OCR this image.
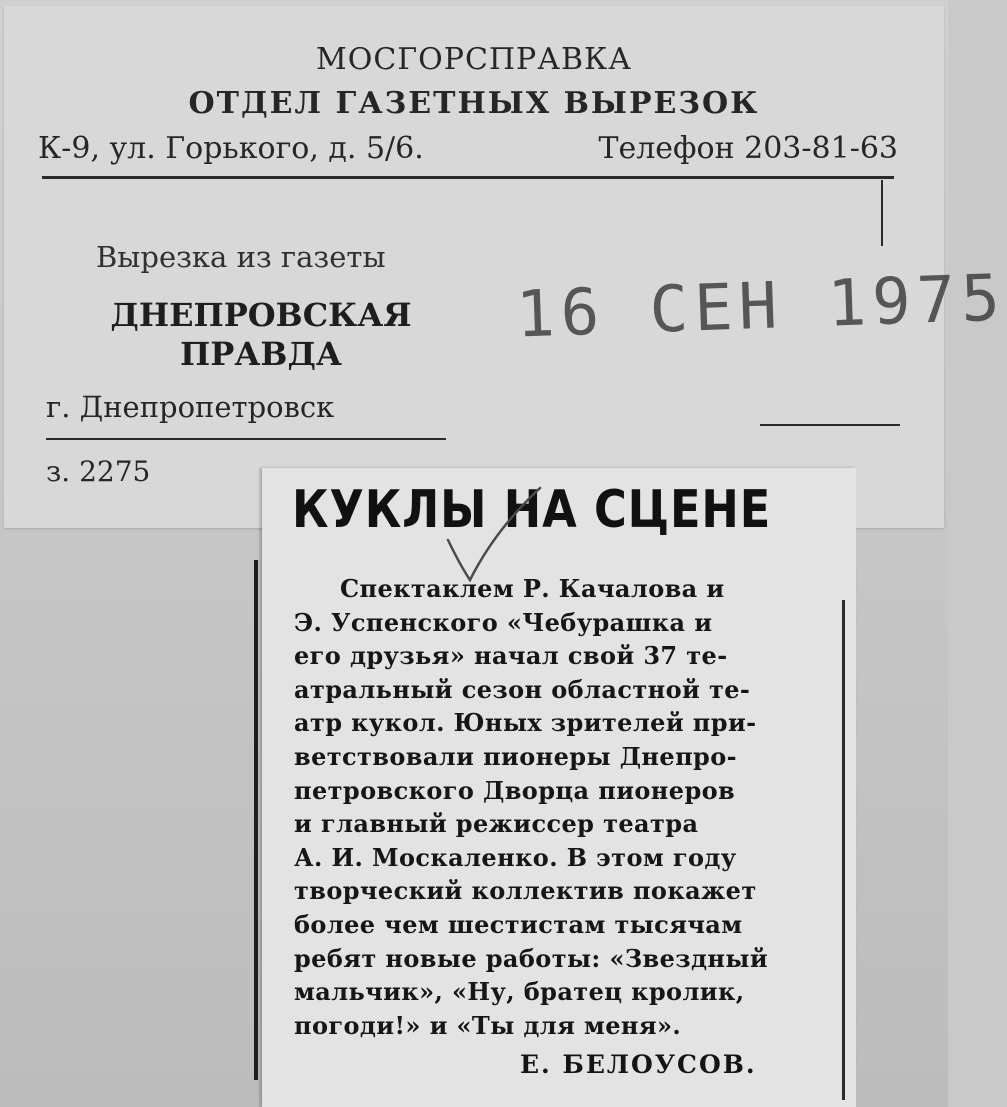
МОСГОРСПРАВКА
ОТДЕЛ ГАЗЕТНЫХ ВЫРЕЗОК
К-9, ул. Горького, д. 5/6.	Телефон 203-81-63
Вырезка из газеты
ДНЕПРОВСКАЯ
ПРАВДА
г. Днепропетровск
з. 2275
16 СЕН 1975
КУКЛЫ НА СЦЕНЕ
Спектаклем Р. Качалова и
Э. Успенского «Чебурашка и
его друзья» начал свой 37 те-
атральный сезон областной те-
атр кукол. Юных зрителей при-
ветствовали пионеры Днепро-
петровского Дворца пионеров
и главный режиссер театра
А. И. Москаленко. В этом году
творческий коллектив покажет
более чем шестистам тысячам
ребят новые работы: «Звездный
мальчик», «Ну, братец кролик,
погоди!» и «Ты для меня».
Е. БЕЛОУСОВ.
